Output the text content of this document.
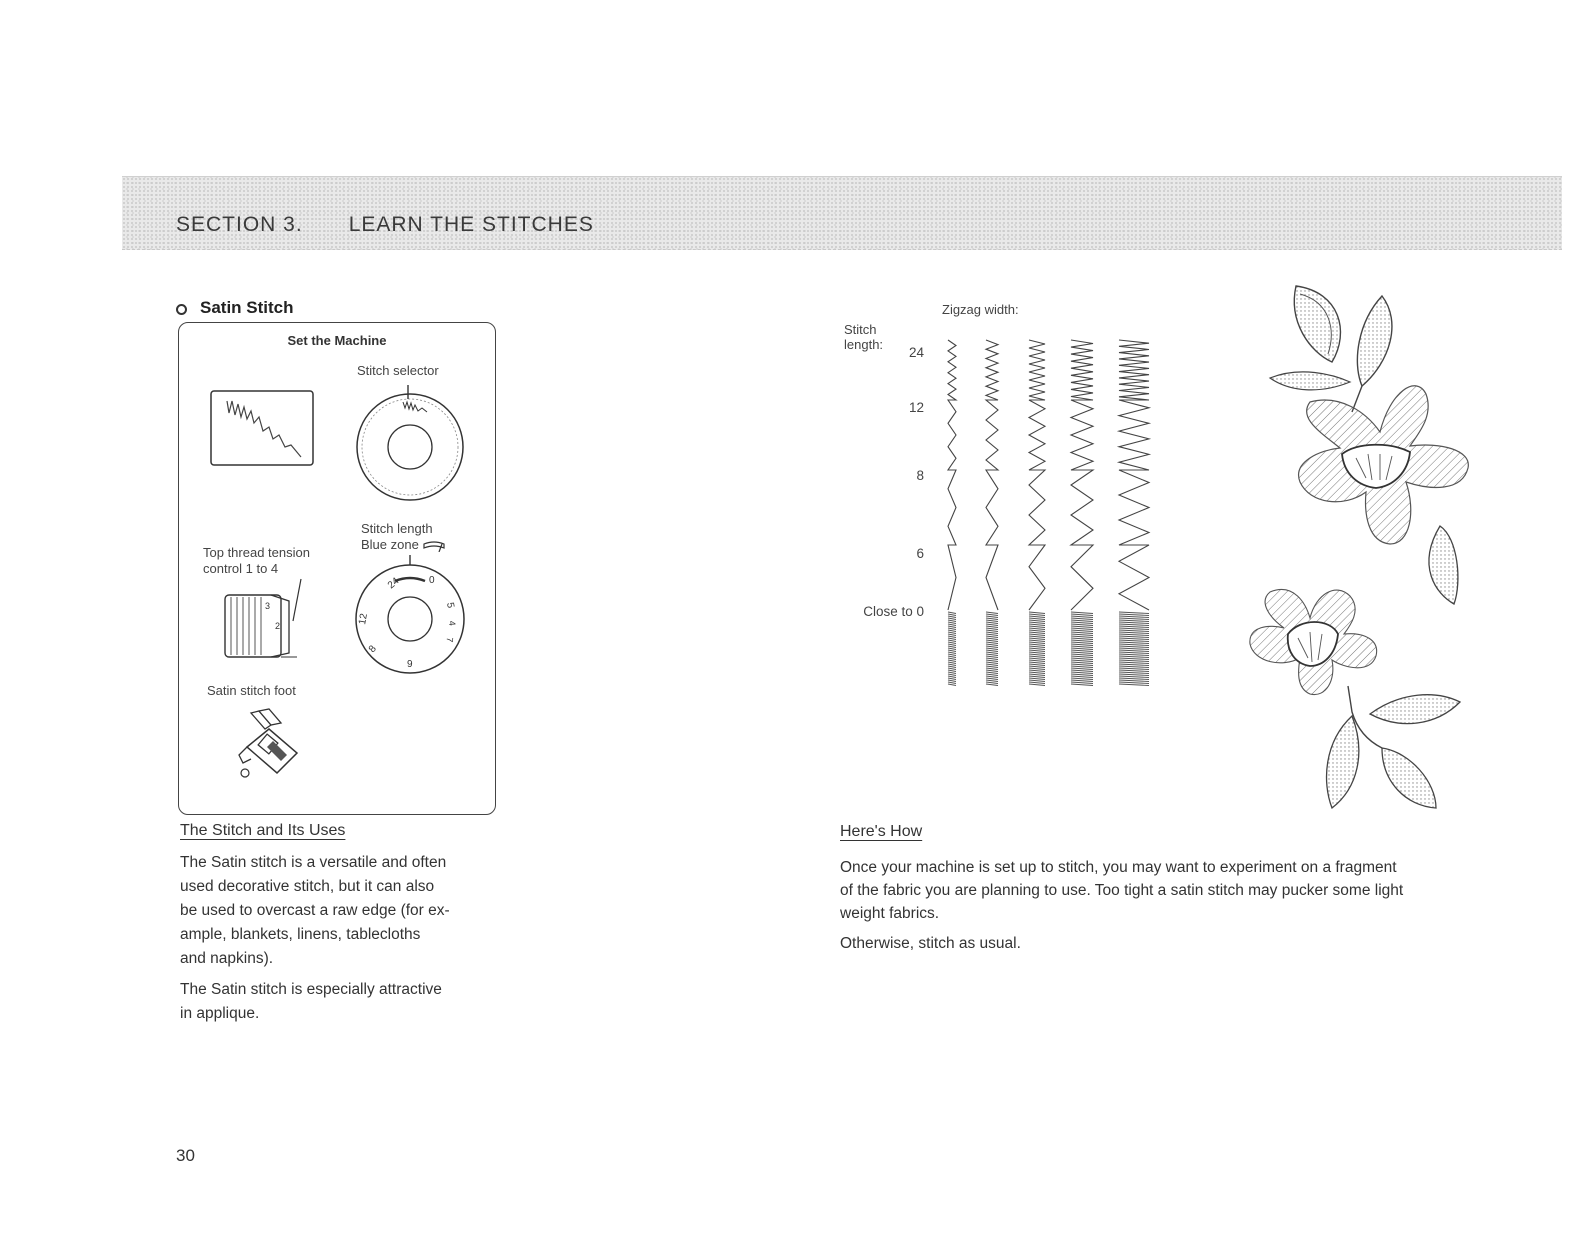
SECTION 3. LEARN THE STITCHES
Satin Stitch
Set the Machine
Stitch selector
Stitch length
Blue zone
Top thread tension
control 1 to 4
3
2
24	0
12
9
8
5
4
7
Satin stitch foot
The Stitch and Its Uses
The Satin stitch is a versatile and often
used decorative stitch, but it can also
be used to overcast a raw edge (for ex-
ample, blankets, linens, tablecloths
and napkins).
The Satin stitch is especially attractive
in applique.
Zigzag width:
Stitch
length:
24
12
8
6
Close to 0
Here's How
Once your machine is set up to stitch, you may want to experiment on a fragment
of the fabric you are planning to use. Too tight a satin stitch may pucker some light
weight fabrics.
Otherwise, stitch as usual.
30
